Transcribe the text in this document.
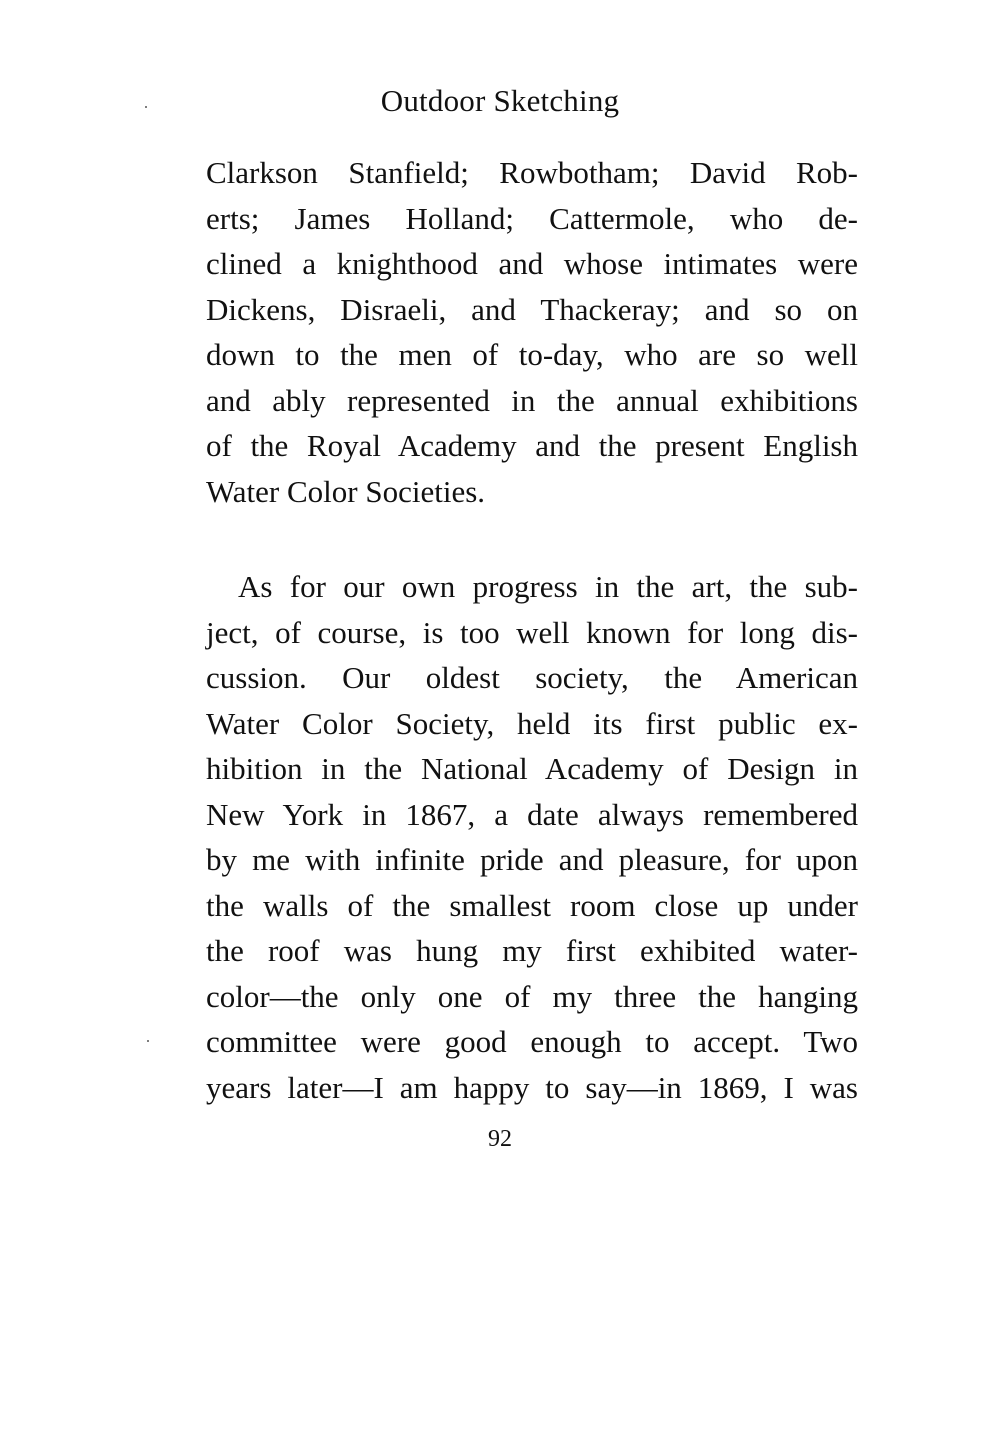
Outdoor Sketching
Clarkson Stanfield; Rowbotham; David Rob-
erts; James Holland; Cattermole, who de-
clined a knighthood and whose intimates were
Dickens, Disraeli, and Thackeray; and so on
down to the men of to-day, who are so well
and ably represented in the annual exhibitions
of the Royal Academy and the present English
Water Color Societies.
As for our own progress in the art, the sub-
ject, of course, is too well known for long dis-
cussion. Our oldest society, the American
Water Color Society, held its first public ex-
hibition in the National Academy of Design in
New York in 1867, a date always remembered
by me with infinite pride and pleasure, for upon
the walls of the smallest room close up under
the roof was hung my first exhibited water-
color—the only one of my three the hanging
committee were good enough to accept. Two
years later—I am happy to say—in 1869, I was
92
